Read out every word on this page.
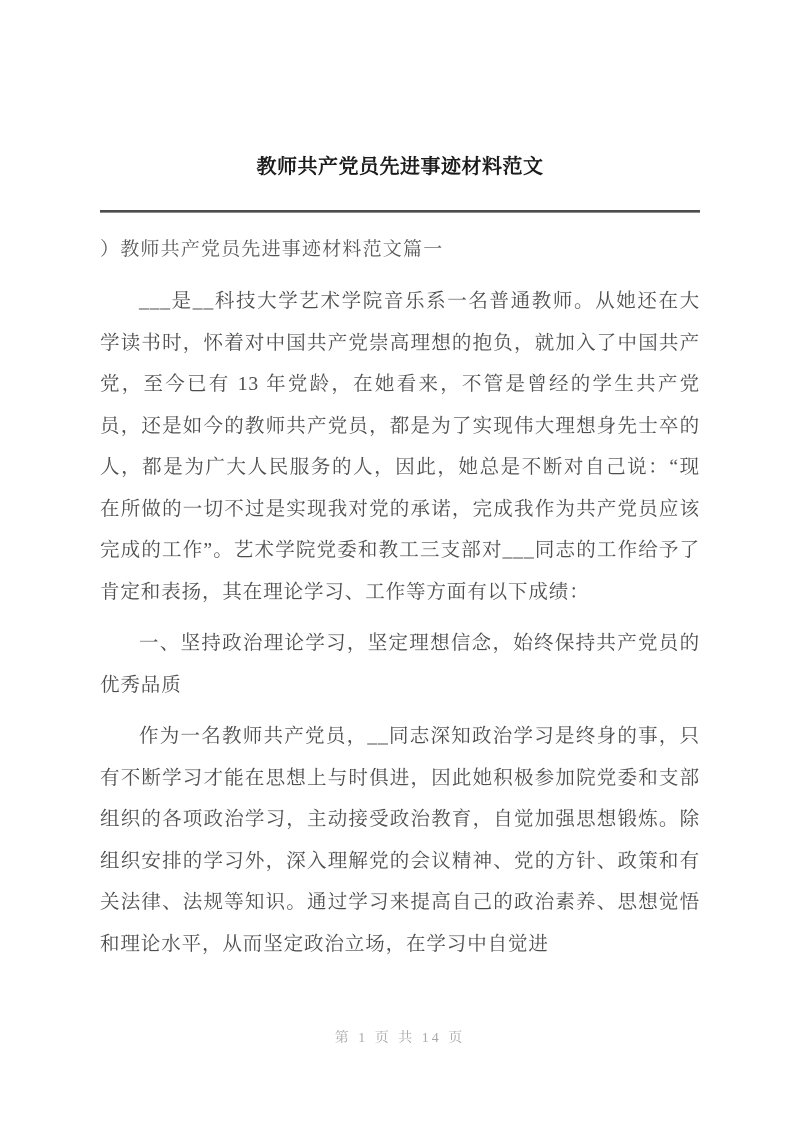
教师共产党员先进事迹材料范文

）教师共产党员先进事迹材料范文篇一

___是__科技大学艺术学院音乐系一名普通教师。从她还在大学读书时，怀着对中国共产党崇高理想的抱负，就加入了中国共产党，至今已有 13 年党龄，在她看来，不管是曾经的学生共产党员，还是如今的教师共产党员，都是为了实现伟大理想身先士卒的人，都是为广大人民服务的人，因此，她总是不断对自己说：“现在所做的一切不过是实现我对党的承诺，完成我作为共产党员应该完成的工作”。艺术学院党委和教工三支部对___同志的工作给予了肯定和表扬，其在理论学习、工作等方面有以下成绩：

一、坚持政治理论学习，坚定理想信念，始终保持共产党员的优秀品质

作为一名教师共产党员，__同志深知政治学习是终身的事，只有不断学习才能在思想上与时俱进，因此她积极参加院党委和支部组织的各项政治学习，主动接受政治教育，自觉加强思想锻炼。除组织安排的学习外，深入理解党的会议精神、党的方针、政策和有关法律、法规等知识。通过学习来提高自己的政治素养、思想觉悟和理论水平，从而坚定政治立场，在学习中自觉进

第 1 页 共 14 页
